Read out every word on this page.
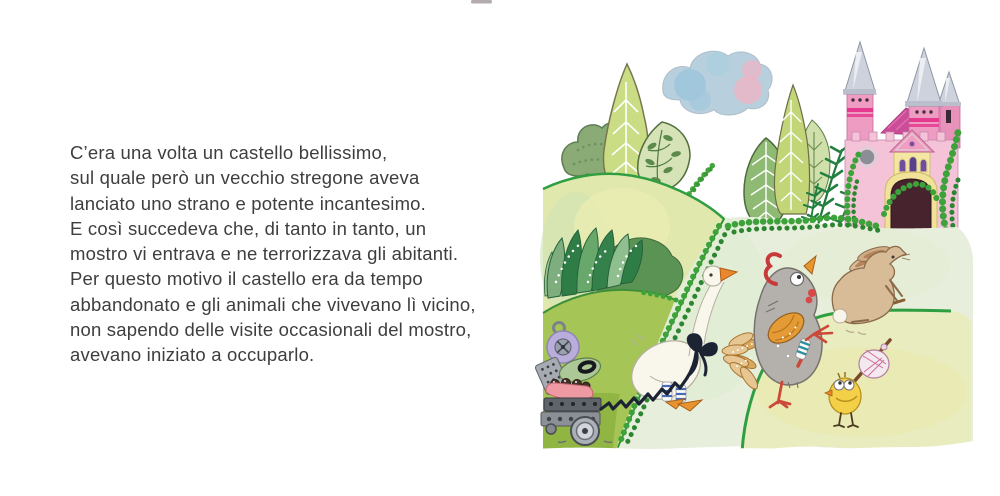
C’era una volta un castello bellissimo,
sul quale però un vecchio stregone aveva
lanciato uno strano e potente incantesimo.
E così succedeva che, di tanto in tanto, un
mostro vi entrava e ne terrorizzava gli abitanti.
Per questo motivo il castello era da tempo
abbandonato e gli animali che vivevano lì vicino,
non sapendo delle visite occasionali del mostro,
avevano iniziato a occuparlo.
